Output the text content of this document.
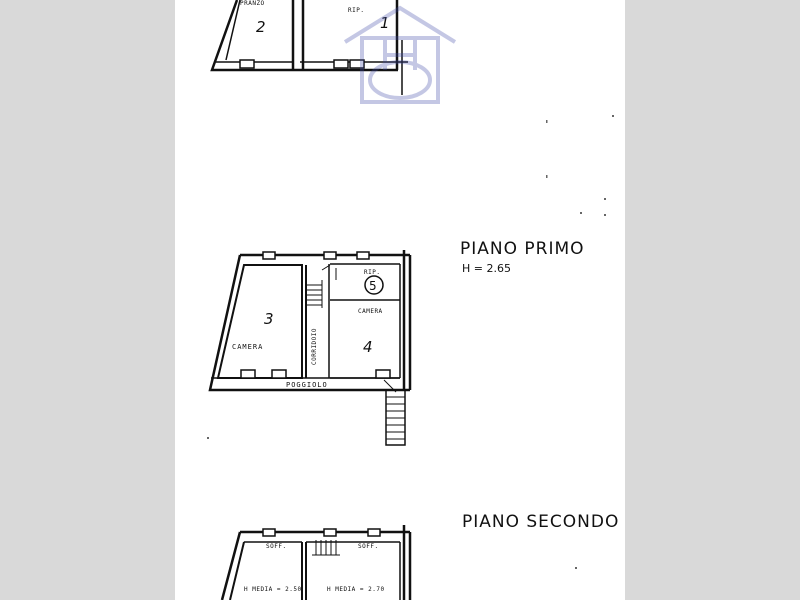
PRANZO
RIP.
2	1
PIANO PRIMO
H = 2.65
CAMERA
3
CORRIDOIO
RIP.
5
CAMERA
4
POGGIOLO
PIANO SECONDO
SOFF.	SOFF.
H MEDIA = 2.50	H MEDIA = 2.70
